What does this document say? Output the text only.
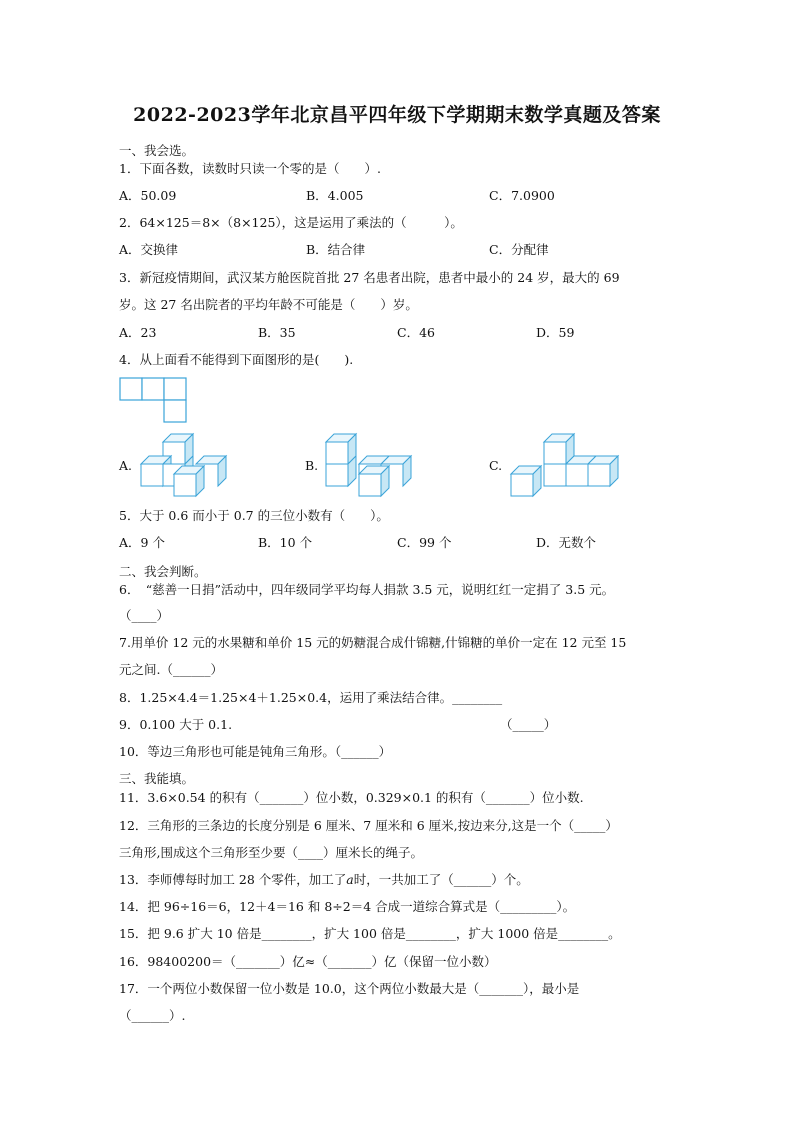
2022-2023学年北京昌平四年级下学期期末数学真题及答案
一、我会选。
1．下面各数，读数时只读一个零的是（　　）.
A．50.09	B．4.005	C．7.0900
2．64×125＝8×（8×125），这是运用了乘法的（　　　）。
A．交换律	B．结合律	C．分配律
3．新冠疫情期间，武汉某方舱医院首批 27 名患者出院，患者中最小的 24 岁，最大的 69
岁。这 27 名出院者的平均年龄不可能是（　　）岁。
A．23	B．35	C．46	D．59
4．从上面看不能得到下面图形的是(　　).
A.	B.	C.
5．大于 0.6 而小于 0.7 的三位小数有（　　）。
A．9 个	B．10 个	C．99 个	D．无数个
二、我会判断。
6．　“慈善一日捐”活动中，四年级同学平均每人捐款 3.5 元，说明红红一定捐了 3.5 元。
（____）
7.用单价 12 元的水果糖和单价 15 元的奶糖混合成什锦糖,什锦糖的单价一定在 12 元至 15
元之间.（______）
8．1.25×4.4＝1.25×4＋1.25×0.4，运用了乘法结合律。________
9．0.100 大于 0.1.	（_____）
10．等边三角形也可能是钝角三角形。（______）
三、我能填。
11．3.6×0.54 的积有（_______）位小数，0.329×0.1 的积有（_______）位小数.
12．三角形的三条边的长度分别是 6 厘米、7 厘米和 6 厘米,按边来分,这是一个（_____）
三角形,围成这个三角形至少要（____）厘米长的绳子。
13．李师傅每时加工 28 个零件，加工了a时，一共加工了（______）个。
14．把 96÷16＝6，12＋4＝16 和 8÷2＝4 合成一道综合算式是（_________）。
15．把 9.6 扩大 10 倍是________，扩大 100 倍是________，扩大 1000 倍是________。
16．98400200＝（_______）亿≈（_______）亿（保留一位小数）
17．一个两位小数保留一位小数是 10.0，这个两位小数最大是（_______），最小是
（______）.
